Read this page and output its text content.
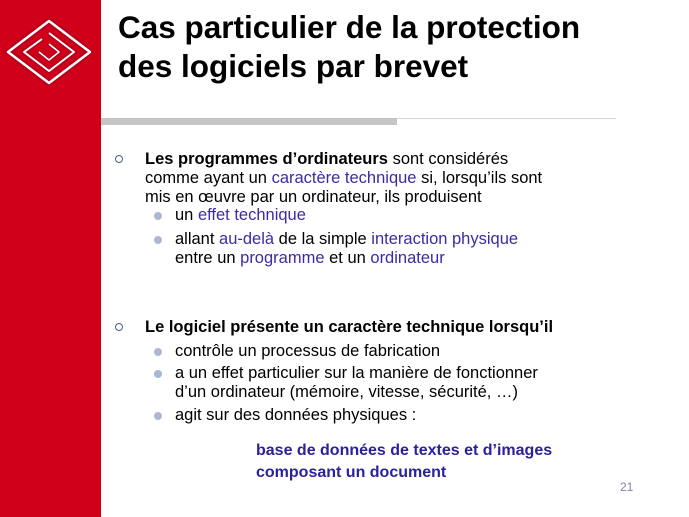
Cas particulier de la protection
des logiciels par brevet
Les programmes d’ordinateurs sont considérés
comme ayant un caractère technique si, lorsqu’ils sont
mis en œuvre par un ordinateur, ils produisent
un effet technique
allant au-delà de la simple interaction physique
entre un programme et un ordinateur
Le logiciel présente un caractère technique lorsqu’il
contrôle un processus de fabrication
a un effet particulier sur la manière de fonctionner
d’un ordinateur (mémoire, vitesse, sécurité, …)
agit sur des données physiques :
base de données de textes et d’images
composant un document
21
